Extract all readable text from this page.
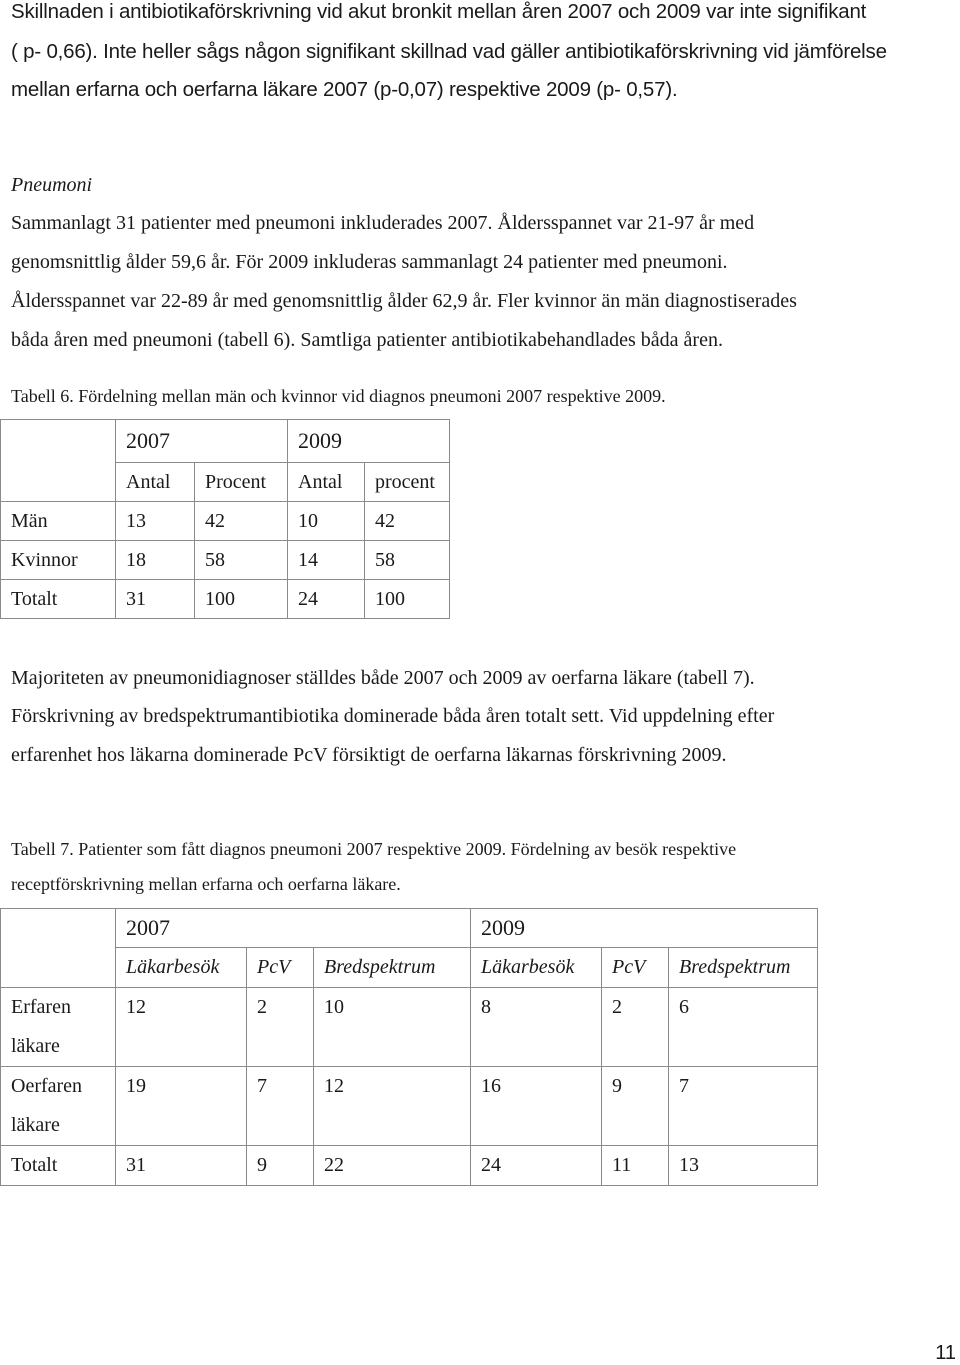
Skillnaden i antibiotikaförskrivning vid akut bronkit mellan åren 2007 och 2009 var inte signifikant
( p- 0,66). Inte heller sågs någon signifikant skillnad vad gäller antibiotikaförskrivning vid jämförelse
mellan erfarna och oerfarna läkare 2007 (p-0,07) respektive 2009 (p- 0,57).
Pneumoni
Sammanlagt 31 patienter med pneumoni inkluderades 2007. Åldersspannet var 21-97 år med
genomsnittlig ålder 59,6 år. För 2009 inkluderas sammanlagt 24 patienter med pneumoni.
Åldersspannet var 22-89 år med genomsnittlig ålder 62,9 år. Fler kvinnor än män diagnostiserades
båda åren med pneumoni (tabell 6). Samtliga patienter antibiotikabehandlades båda åren.
Tabell 6. Fördelning mellan män och kvinnor vid diagnos pneumoni 2007 respektive 2009.
	2007		2009	
	Antal	Procent	Antal	procent
Män	13	42	10	42
Kvinnor	18	58	14	58
Totalt	31	100	24	100
Majoriteten av pneumonidiagnoser ställdes både 2007 och 2009 av oerfarna läkare (tabell 7).
Förskrivning av bredspektrumantibiotika dominerade båda åren totalt sett. Vid uppdelning efter
erfarenhet hos läkarna dominerade PcV försiktigt de oerfarna läkarnas förskrivning 2009.
Tabell 7. Patienter som fått diagnos pneumoni 2007 respektive 2009. Fördelning av besök respektive
receptförskrivning mellan erfarna och oerfarna läkare.
	2007			2009		
	Läkarbesök	PcV	Bredspektrum	Läkarbesök	PcV	Bredspektrum
Erfaren
läkare	12	2	10	8	2	6
Oerfaren
läkare	19	7	12	16	9	7
Totalt	31	9	22	24	11	13
11
